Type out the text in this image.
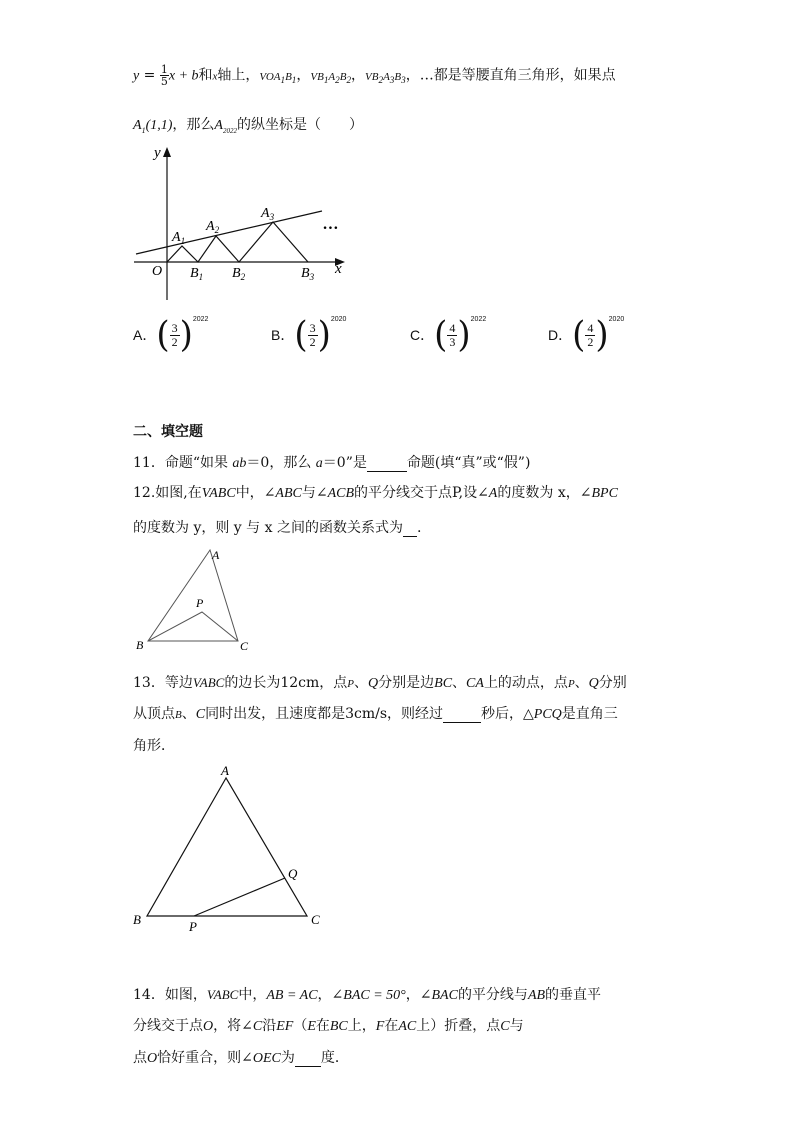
$y = \frac{1}{5}$ x + b和x轴上，$VOA_1B_1$，$VB_1A_2B_2$，$VB_2A_3B_3$，…都是等腰直角三角形，如果点
$A_1(1,1)$，那么$A_{2022}$的纵坐标是（　　）
y
x
O
$A_1$
$A_2$
$A_3$
$B_1$ $B_2$	$B_3$
…
A．( $\frac{3}{2})^{2022}$
B．( $\frac{3}{2})^{2020}$
C．( $\frac{4}{3})^{2022}$
D．( $\frac{4}{2})^{2020}$
二、填空题
11．命题“如果 ab＝0，那么 a＝0”是	命题(填“真”或“假”)
12.如图,在VABC中，∠ABC与∠ACB的平分线交于点P,设∠A的度数为 x，∠BPC
的度数为 y，则 y 与 x 之间的函数关系式为 .
A
B	C
P
13．等边VABC的边长为12cm，点P、Q分别是边BC、CA上的动点，点P、Q分别
从顶点B、C同时出发，且速度都是3cm/s，则经过	秒后，△PCQ是直角三
角形．
A
B	C
P
Q
14．如图，VABC中，AB = AC，∠BAC = 50°，∠BAC的平分线与AB的垂直平
分线交于点O，将∠C沿EF（E在BC上，F在AC上）折叠，点C与
点O恰好重合，则∠OEC为 度．
